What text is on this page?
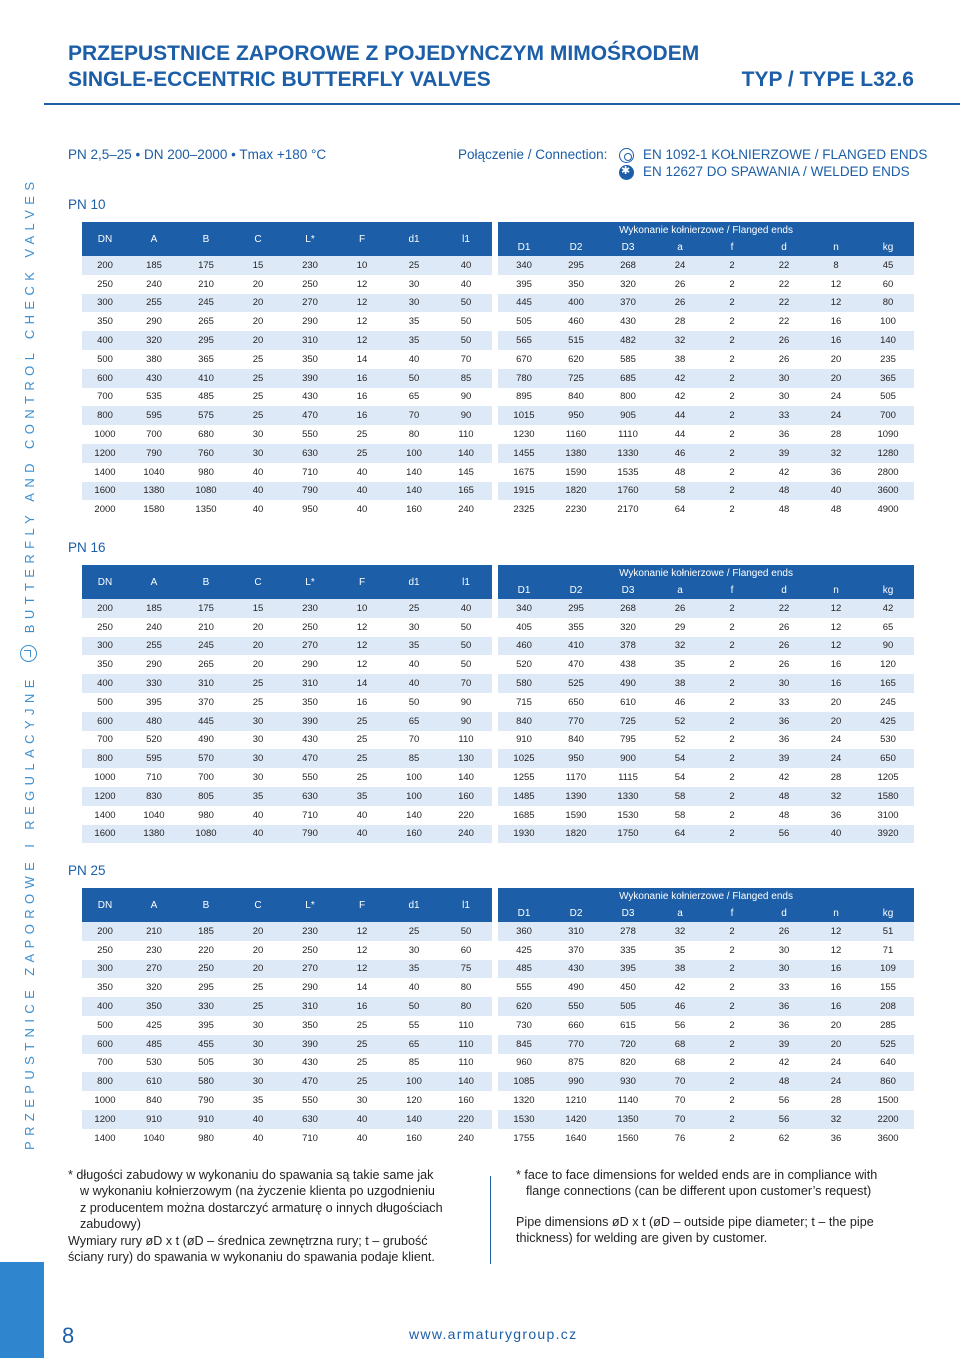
PRZEPUSTNICE ZAPOROWE I REGULACYJNEBUTTERFLY AND CONTROL CHECK VALVES
PRZEPUSTNICE ZAPOROWE Z POJEDYNCZYM MIMOŚRODEM
SINGLE-ECCENTRIC BUTTERFLY VALVES	TYP / TYPE L32.6
PN 2,5–25 • DN 200–2000 • Tmax +180 °C	Połączenie / Connection:	EN 1092-1 KOŁNIERZOWE / FLANGED ENDS
✱
EN 12627 DO SPAWANIA / WELDED ENDS
PN 10
DN	A	B	C	L*	F	d1	l1		Wykonanie kołnierzowe / Flanged ends							
									D1	D2	D3	a	f	d	n	kg
200	185	175	15	230	10	25	40		340	295	268	24	2	22	8	45
250	240	210	20	250	12	30	40		395	350	320	26	2	22	12	60
300	255	245	20	270	12	30	50		445	400	370	26	2	22	12	80
350	290	265	20	290	12	35	50		505	460	430	28	2	22	16	100
400	320	295	20	310	12	35	50		565	515	482	32	2	26	16	140
500	380	365	25	350	14	40	70		670	620	585	38	2	26	20	235
600	430	410	25	390	16	50	85		780	725	685	42	2	30	20	365
700	535	485	25	430	16	65	90		895	840	800	42	2	30	24	505
800	595	575	25	470	16	70	90		1015	950	905	44	2	33	24	700
1000	700	680	30	550	25	80	110		1230	1160	1110	44	2	36	28	1090
1200	790	760	30	630	25	100	140		1455	1380	1330	46	2	39	32	1280
1400	1040	980	40	710	40	140	145		1675	1590	1535	48	2	42	36	2800
1600	1380	1080	40	790	40	140	165		1915	1820	1760	58	2	48	40	3600
2000	1580	1350	40	950	40	160	240		2325	2230	2170	64	2	48	48	4900
PN 16
DN	A	B	C	L*	F	d1	l1		Wykonanie kołnierzowe / Flanged ends							
									D1	D2	D3	a	f	d	n	kg
200	185	175	15	230	10	25	40		340	295	268	26	2	22	12	42
250	240	210	20	250	12	30	50		405	355	320	29	2	26	12	65
300	255	245	20	270	12	35	50		460	410	378	32	2	26	12	90
350	290	265	20	290	12	40	50		520	470	438	35	2	26	16	120
400	330	310	25	310	14	40	70		580	525	490	38	2	30	16	165
500	395	370	25	350	16	50	90		715	650	610	46	2	33	20	245
600	480	445	30	390	25	65	90		840	770	725	52	2	36	20	425
700	520	490	30	430	25	70	110		910	840	795	52	2	36	24	530
800	595	570	30	470	25	85	130		1025	950	900	54	2	39	24	650
1000	710	700	30	550	25	100	140		1255	1170	1115	54	2	42	28	1205
1200	830	805	35	630	35	100	160		1485	1390	1330	58	2	48	32	1580
1400	1040	980	40	710	40	140	220		1685	1590	1530	58	2	48	36	3100
1600	1380	1080	40	790	40	160	240		1930	1820	1750	64	2	56	40	3920
PN 25
DN	A	B	C	L*	F	d1	l1		Wykonanie kołnierzowe / Flanged ends							
									D1	D2	D3	a	f	d	n	kg
200	210	185	20	230	12	25	50		360	310	278	32	2	26	12	51
250	230	220	20	250	12	30	60		425	370	335	35	2	30	12	71
300	270	250	20	270	12	35	75		485	430	395	38	2	30	16	109
350	320	295	25	290	14	40	80		555	490	450	42	2	33	16	155
400	350	330	25	310	16	50	80		620	550	505	46	2	36	16	208
500	425	395	30	350	25	55	110		730	660	615	56	2	36	20	285
600	485	455	30	390	25	65	110		845	770	720	68	2	39	20	525
700	530	505	30	430	25	85	110		960	875	820	68	2	42	24	640
800	610	580	30	470	25	100	140		1085	990	930	70	2	48	24	860
1000	840	790	35	550	30	120	160		1320	1210	1140	70	2	56	28	1500
1200	910	910	40	630	40	140	220		1530	1420	1350	70	2	56	32	2200
1400	1040	980	40	710	40	160	240		1755	1640	1560	76	2	62	36	3600
* długości zabudowy w wykonaniu do spawania są takie same jak
w wykonaniu kołnierzowym (na życzenie klienta po uzgodnieniu
z producentem można dostarczyć armaturę o innych długościach
zabudowy)
Wymiary rury øD x t (øD – średnica zewnętrzna rury; t – grubość
ściany rury) do spawania w wykonaniu do spawania podaje klient.

* face to face dimensions for welded ends are in compliance with
flange connections (can be different upon customer’s request)

Pipe dimensions øD x t (øD – outside pipe diameter; t – the pipe
thickness) for welding are given by customer.

8	www.armaturygroup.cz
